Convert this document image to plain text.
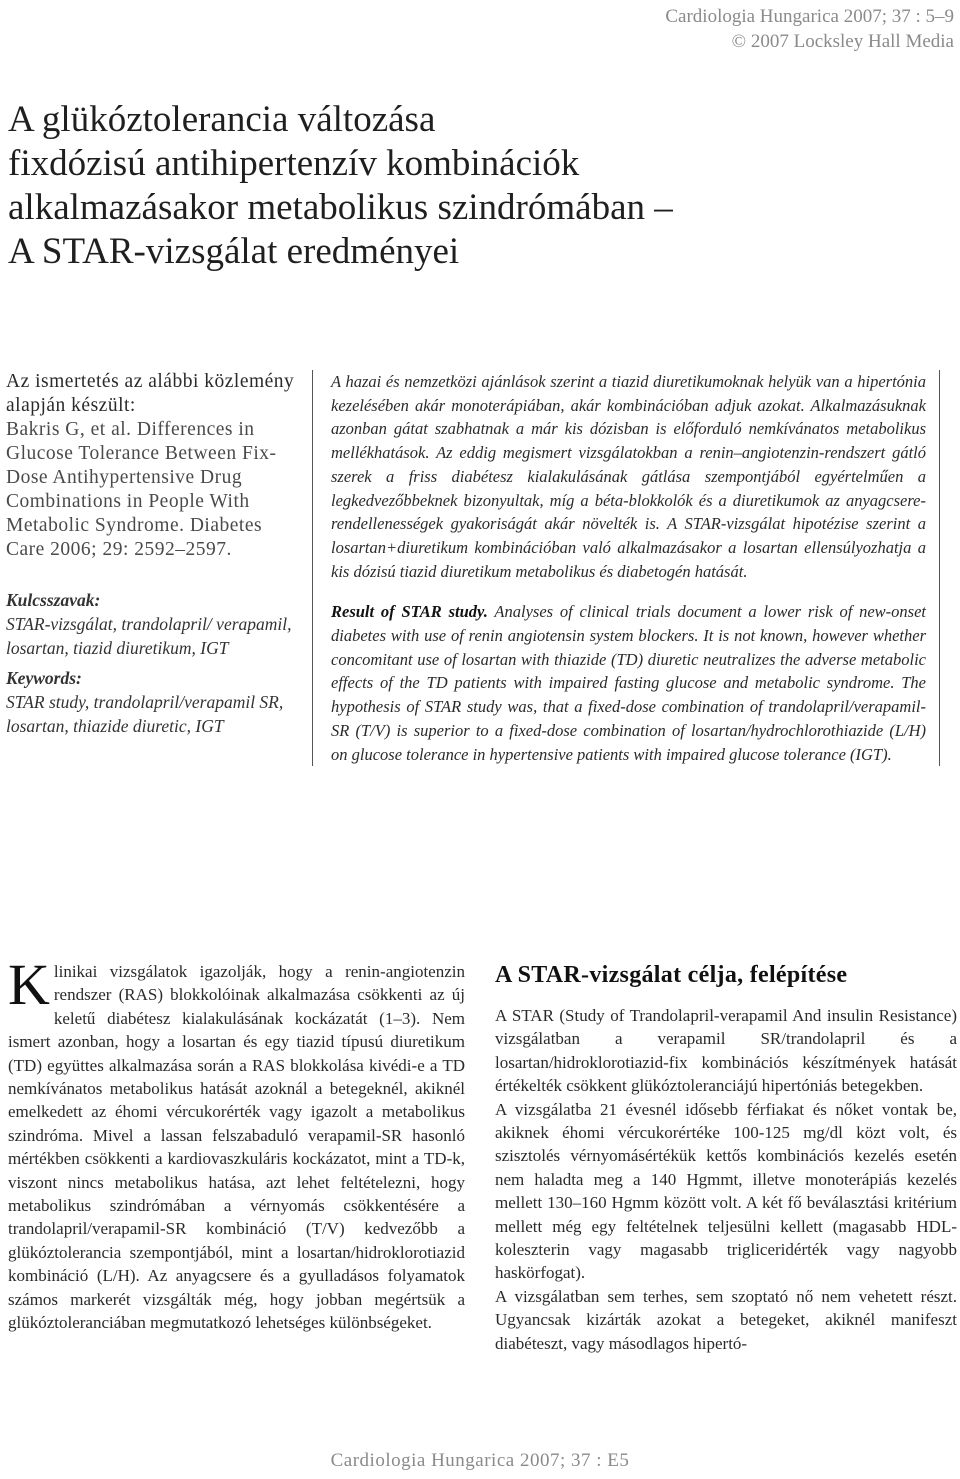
Cardiologia Hungarica 2007; 37 : 5–9
© 2007 Locksley Hall Media
A glükóztolerancia változása
fixdózisú antihipertenzív kombinációk
alkalmazásakor metabolikus szindrómában –
A STAR-vizsgálat eredményei
Az ismertetés az alábbi közlemény alapján készült:
Bakris G, et al. Differences in Glucose Tolerance Between Fix-Dose Antihypertensive Drug Combinations in People With Metabolic Syndrome. Diabetes Care 2006; 29: 2592–2597.
Kulcsszavak:
STAR-vizsgálat, trandolapril/ verapamil, losartan, tiazid diuretikum, IGT
Keywords:
STAR study, trandolapril/verapamil SR, losartan, thiazide diuretic, IGT

A hazai és nemzetközi ajánlások szerint a tiazid diuretikumoknak helyük van a hipertónia kezelésében akár monoterápiában, akár kombinációban adjuk azokat. Alkalmazásuknak azonban gátat szabhatnak a már kis dózisban is előforduló nemkívánatos metabolikus mellékhatások. Az eddig megismert vizsgálatokban a renin–angiotenzin-rendszert gátló szerek a friss diabétesz kialakulásának gátlása szempontjából egyértelműen a legkedvezőbbeknek bizonyultak, míg a béta-blokkolók és a diuretikumok az anyagcsere-rendellenességek gyakoriságát akár növelték is. A STAR-vizsgálat hipotézise szerint a losartan+diuretikum kombinációban való alkalmazásakor a losartan ellensúlyozhatja a kis dózisú tiazid diuretikum metabolikus és diabetogén hatását.

Result of STAR study. Analyses of clinical trials document a lower risk of new-onset diabetes with use of renin angiotensin system blockers. It is not known, however whether concomitant use of losartan with thiazide (TD) diuretic neutralizes the adverse metabolic effects of the TD patients with impaired fasting glucose and metabolic syndrome. The hypothesis of STAR study was, that a fixed-dose combination of trandolapril/verapamil-SR (T/V) is superior to a fixed-dose combination of losartan/hydrochlorothiazide (L/H) on glucose tolerance in hypertensive patients with impaired glucose tolerance (IGT).

Klinikai vizsgálatok igazolják, hogy a renin-angiotenzin rendszer (RAS) blokkolóinak alkalmazása csökkenti az új keletű diabétesz kialakulásának kockázatát (1–3). Nem ismert azonban, hogy a losartan és egy tiazid típusú diuretikum (TD) együttes alkalmazása során a RAS blokkolása kivédi-e a TD nemkívánatos metabolikus hatását azoknál a betegeknél, akiknél emelkedett az éhomi vércukorérték vagy igazolt a metabolikus szindróma. Mivel a lassan felszabaduló verapamil-SR hasonló mértékben csökkenti a kardiovaszkuláris kockázatot, mint a TD-k, viszont nincs metabolikus hatása, azt lehet feltételezni, hogy metabolikus szindrómában a vérnyomás csökkentésére a trandolapril/verapamil-SR kombináció (T/V) kedvezőbb a glükóztolerancia szempontjából, mint a losartan/hidroklorotiazid kombináció (L/H). Az anyagcsere és a gyulladásos folyamatok számos markerét vizsgálták még, hogy jobban megértsük a glükóztoleranciában megmutatkozó lehetséges különbségeket.

A STAR-vizsgálat célja, felépítése

A STAR (Study of Trandolapril-verapamil And insulin Resistance) vizsgálatban a verapamil SR/trandolapril és a losartan/hidroklorotiazid-fix kombinációs készítmények hatását értékelték csökkent glükóztoleranciájú hipertóniás betegekben.

A vizsgálatba 21 évesnél idősebb férfiakat és nőket vontak be, akiknek éhomi vércukorértéke 100-125 mg/dl közt volt, és szisztolés vérnyomásértékük kettős kombinációs kezelés esetén nem haladta meg a 140 Hgmmt, illetve monoterápiás kezelés mellett 130–160 Hgmm között volt. A két fő beválasztási kritérium mellett még egy feltételnek teljesülni kellett (magasabb HDL-koleszterin vagy magasabb trigliceridérték vagy nagyobb haskörfogat).

A vizsgálatban sem terhes, sem szoptató nő nem vehetett részt. Ugyancsak kizárták azokat a betegeket, akiknél manifeszt diabéteszt, vagy másodlagos hipertó-

Cardiologia Hungarica 2007; 37 : E5
